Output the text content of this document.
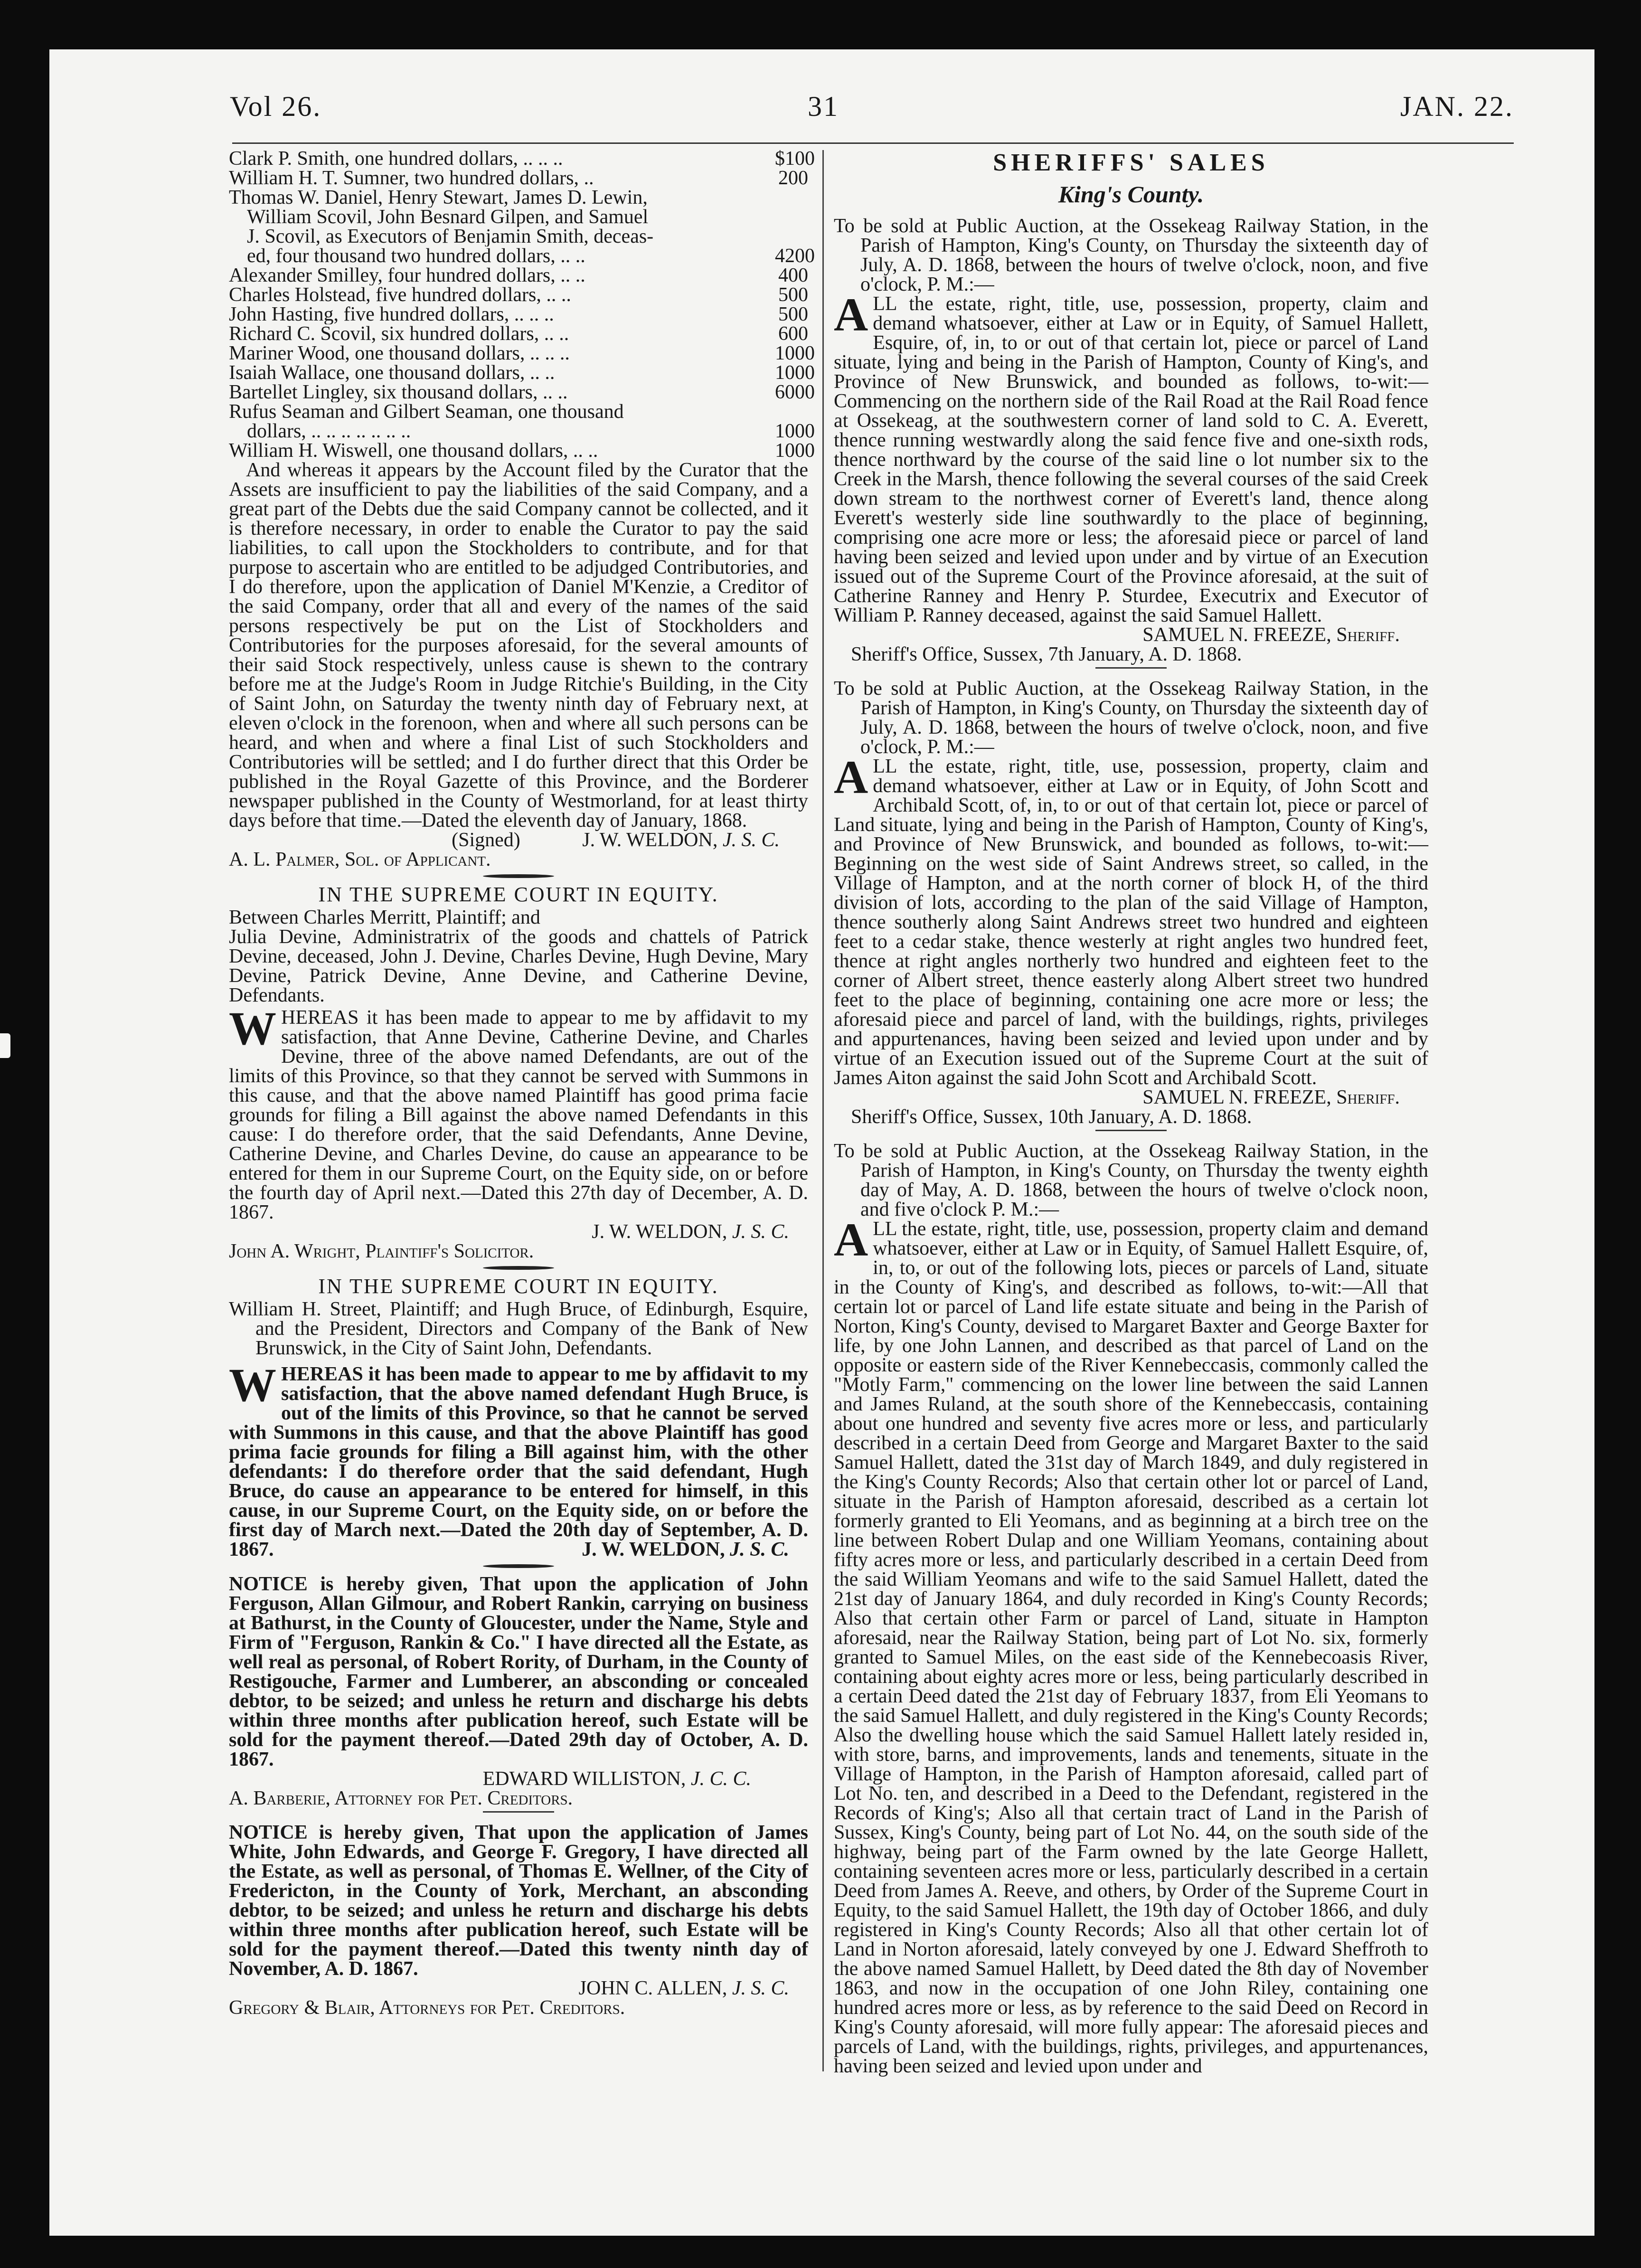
Vol 26.	31	JAN. 22.
Clark P. Smith, one hundred dollars, .. .. ..	$100
William H. T. Sumner, two hundred dollars, ..	200
Thomas W. Daniel, Henry Stewart, James D. Lewin,
William Scovil, John Besnard Gilpen, and Samuel
J. Scovil, as Executors of Benjamin Smith, deceas-
ed, four thousand two hundred dollars, .. ..	4200
Alexander Smilley, four hundred dollars, .. ..	400
Charles Holstead, five hundred dollars, .. ..	500
John Hasting, five hundred dollars, .. .. ..	500
Richard C. Scovil, six hundred dollars, .. ..	600
Mariner Wood, one thousand dollars, .. .. ..	1000
Isaiah Wallace, one thousand dollars, .. ..	1000
Bartellet Lingley, six thousand dollars, .. ..	6000
Rufus Seaman and Gilbert Seaman, one thousand
dollars, .. .. .. .. .. .. ..	1000
William H. Wiswell, one thousand dollars, .. ..	1000

And whereas it appears by the Account filed by the Curator that the Assets are insufficient to pay the liabilities of the said Company, and a great part of the Debts due the said Company cannot be collected, and it is therefore necessary, in order to enable the Curator to pay the said liabilities, to call upon the Stockholders to contribute, and for that purpose to ascertain who are entitled to be adjudged Contributories, and I do therefore, upon the application of Daniel M'Kenzie, a Creditor of the said Company, order that all and every of the names of the said persons respectively be put on the List of Stockholders and Contributories for the purposes aforesaid, for the several amounts of their said Stock respectively, unless cause is shewn to the contrary before me at the Judge's Room in Judge Ritchie's Building, in the City of Saint John, on Saturday the twenty ninth day of February next, at eleven o'clock in the forenoon, when and where all such persons can be heard, and when and where a final List of such Stockholders and Contributories will be settled; and I do further direct that this Order be published in the Royal Gazette of this Province, and the Borderer newspaper published in the County of Westmorland, for at least thirty days before that time.—Dated the eleventh day of January, 1868.

(Signed)	J. W. WELDON, J. S. C.

A. L. Palmer, Sol. of Applicant.

IN THE SUPREME COURT IN EQUITY.

Between Charles Merritt, Plaintiff; and

Julia Devine, Administratrix of the goods and chattels of Patrick Devine, deceased, John J. Devine, Charles Devine, Hugh Devine, Mary Devine, Patrick Devine, Anne Devine, and Catherine Devine, Defendants.

WHEREAS it has been made to appear to me by affidavit to my satisfaction, that Anne Devine, Catherine Devine, and Charles Devine, three of the above named Defendants, are out of the limits of this Province, so that they cannot be served with Summons in this cause, and that the above named Plaintiff has good prima facie grounds for filing a Bill against the above named Defendants in this cause: I do therefore order, that the said Defendants, Anne Devine, Catherine Devine, and Charles Devine, do cause an appearance to be entered for them in our Supreme Court, on the Equity side, on or before the fourth day of April next.—Dated this 27th day of December, A. D. 1867.

J. W. WELDON, J. S. C.

John A. Wright, Plaintiff's Solicitor.

IN THE SUPREME COURT IN EQUITY.

William H. Street, Plaintiff; and Hugh Bruce, of Edinburgh, Esquire, and the President, Directors and Company of the Bank of New Brunswick, in the City of Saint John, Defendants.

WHEREAS it has been made to appear to me by affidavit to my satisfaction, that the above named defendant Hugh Bruce, is out of the limits of this Province, so that he cannot be served with Summons in this cause, and that the above Plaintiff has good prima facie grounds for filing a Bill against him, with the other defendants: I do therefore order that the said defendant, Hugh Bruce, do cause an appearance to be entered for himself, in this cause, in our Supreme Court, on the Equity side, on or before the first day of March next.—Dated the 20th day of September, A. D. 1867.	J. W. WELDON, J. S. C.

NOTICE is hereby given, That upon the application of John Ferguson, Allan Gilmour, and Robert Rankin, carrying on business at Bathurst, in the County of Gloucester, under the Name, Style and Firm of "Ferguson, Rankin & Co." I have directed all the Estate, as well real as personal, of Robert Rority, of Durham, in the County of Restigouche, Farmer and Lumberer, an absconding or concealed debtor, to be seized; and unless he return and discharge his debts within three months after publication hereof, such Estate will be sold for the payment thereof.—Dated 29th day of October, A. D. 1867.

EDWARD WILLISTON, J. C. C.

A. Barberie, Attorney for Pet. Creditors.

NOTICE is hereby given, That upon the application of James White, John Edwards, and George F. Gregory, I have directed all the Estate, as well as personal, of Thomas E. Wellner, of the City of Fredericton, in the County of York, Merchant, an absconding debtor, to be seized; and unless he return and discharge his debts within three months after publication hereof, such Estate will be sold for the payment thereof.—Dated this twenty ninth day of November, A. D. 1867.

JOHN C. ALLEN, J. S. C.

Gregory & Blair, Attorneys for Pet. Creditors.

SHERIFFS' SALES

King's County.

To be sold at Public Auction, at the Ossekeag Railway Station, in the Parish of Hampton, King's County, on Thursday the sixteenth day of July, A. D. 1868, between the hours of twelve o'clock, noon, and five o'clock, P. M.:—

ALL the estate, right, title, use, possession, property, claim and demand whatsoever, either at Law or in Equity, of Samuel Hallett, Esquire, of, in, to or out of that certain lot, piece or parcel of Land situate, lying and being in the Parish of Hampton, County of King's, and Province of New Brunswick, and bounded as follows, to-wit:—Commencing on the northern side of the Rail Road at the Rail Road fence at Ossekeag, at the southwestern corner of land sold to C. A. Everett, thence running westwardly along the said fence five and one-sixth rods, thence northward by the course of the said line o lot number six to the Creek in the Marsh, thence following the several courses of the said Creek down stream to the northwest corner of Everett's land, thence along Everett's westerly side line southwardly to the place of beginning, comprising one acre more or less; the aforesaid piece or parcel of land having been seized and levied upon under and by virtue of an Execution issued out of the Supreme Court of the Province aforesaid, at the suit of Catherine Ranney and Henry P. Sturdee, Executrix and Executor of William P. Ranney deceased, against the said Samuel Hallett.

SAMUEL N. FREEZE, Sheriff.

Sheriff's Office, Sussex, 7th January, A. D. 1868.

To be sold at Public Auction, at the Ossekeag Railway Station, in the Parish of Hampton, in King's County, on Thursday the sixteenth day of July, A. D. 1868, between the hours of twelve o'clock, noon, and five o'clock, P. M.:—

ALL the estate, right, title, use, possession, property, claim and demand whatsoever, either at Law or in Equity, of John Scott and Archibald Scott, of, in, to or out of that certain lot, piece or parcel of Land situate, lying and being in the Parish of Hampton, County of King's, and Province of New Brunswick, and bounded as follows, to-wit:—Beginning on the west side of Saint Andrews street, so called, in the Village of Hampton, and at the north corner of block H, of the third division of lots, according to the plan of the said Village of Hampton, thence southerly along Saint Andrews street two hundred and eighteen feet to a cedar stake, thence westerly at right angles two hundred feet, thence at right angles northerly two hundred and eighteen feet to the corner of Albert street, thence easterly along Albert street two hundred feet to the place of beginning, containing one acre more or less; the aforesaid piece and parcel of land, with the buildings, rights, privileges and appurtenances, having been seized and levied upon under and by virtue of an Execution issued out of the Supreme Court at the suit of James Aiton against the said John Scott and Archibald Scott.

SAMUEL N. FREEZE, Sheriff.

Sheriff's Office, Sussex, 10th January, A. D. 1868.

To be sold at Public Auction, at the Ossekeag Railway Station, in the Parish of Hampton, in King's County, on Thursday the twenty eighth day of May, A. D. 1868, between the hours of twelve o'clock noon, and five o'clock P. M.:—

ALL the estate, right, title, use, possession, property claim and demand whatsoever, either at Law or in Equity, of Samuel Hallett Esquire, of, in, to, or out of the following lots, pieces or parcels of Land, situate in the County of King's, and described as follows, to-wit:—All that certain lot or parcel of Land life estate situate and being in the Parish of Norton, King's County, devised to Margaret Baxter and George Baxter for life, by one John Lannen, and described as that parcel of Land on the opposite or eastern side of the River Kennebeccasis, commonly called the "Motly Farm," commencing on the lower line between the said Lannen and James Ruland, at the south shore of the Kennebeccasis, containing about one hundred and seventy five acres more or less, and particularly described in a certain Deed from George and Margaret Baxter to the said Samuel Hallett, dated the 31st day of March 1849, and duly registered in the King's County Records; Also that certain other lot or parcel of Land, situate in the Parish of Hampton aforesaid, described as a certain lot formerly granted to Eli Yeomans, and as beginning at a birch tree on the line between Robert Dulap and one William Yeomans, containing about fifty acres more or less, and particularly described in a certain Deed from the said William Yeomans and wife to the said Samuel Hallett, dated the 21st day of January 1864, and duly recorded in King's County Records; Also that certain other Farm or parcel of Land, situate in Hampton aforesaid, near the Railway Station, being part of Lot No. six, formerly granted to Samuel Miles, on the east side of the Kennebecoasis River, containing about eighty acres more or less, being particularly described in a certain Deed dated the 21st day of February 1837, from Eli Yeomans to the said Samuel Hallett, and duly registered in the King's County Records; Also the dwelling house which the said Samuel Hallett lately resided in, with store, barns, and improvements, lands and tenements, situate in the Village of Hampton, in the Parish of Hampton aforesaid, called part of Lot No. ten, and described in a Deed to the Defendant, registered in the Records of King's; Also all that certain tract of Land in the Parish of Sussex, King's County, being part of Lot No. 44, on the south side of the highway, being part of the Farm owned by the late George Hallett, containing seventeen acres more or less, particularly described in a certain Deed from James A. Reeve, and others, by Order of the Supreme Court in Equity, to the said Samuel Hallett, the 19th day of October 1866, and duly registered in King's County Records; Also all that other certain lot of Land in Norton aforesaid, lately conveyed by one J. Edward Sheffroth to the above named Samuel Hallett, by Deed dated the 8th day of November 1863, and now in the occupation of one John Riley, containing one hundred acres more or less, as by reference to the said Deed on Record in King's County aforesaid, will more fully appear: The aforesaid pieces and parcels of Land, with the buildings, rights, privileges, and appurtenances, having been seized and levied upon under and
